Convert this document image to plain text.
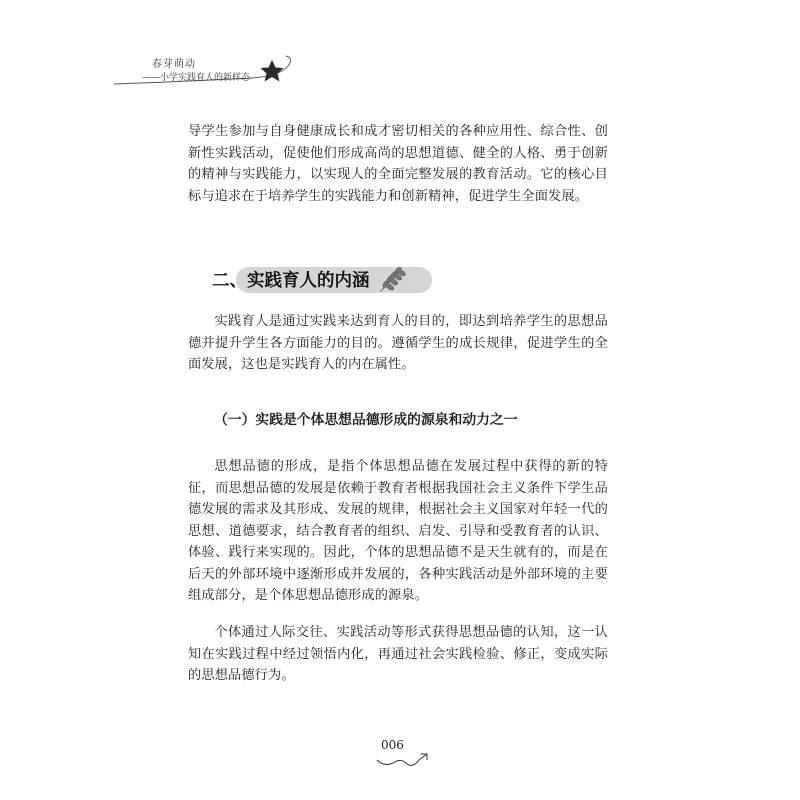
春芽萌动
——小学实践育人的新样态

导学生参加与自身健康成长和成才密切相关的各种应用性、综合性、创新性实践活动，促使他们形成高尚的思想道德、健全的人格、勇于创新的精神与实践能力，以实现人的全面完整发展的教育活动。它的核心目标与追求在于培养学生的实践能力和创新精神，促进学生全面发展。

二、实践育人的内涵

实践育人是通过实践来达到育人的目的，即达到培养学生的思想品德并提升学生各方面能力的目的。遵循学生的成长规律，促进学生的全面发展，这也是实践育人的内在属性。

（一）实践是个体思想品德形成的源泉和动力之一

思想品德的形成，是指个体思想品德在发展过程中获得的新的特征，而思想品德的发展是依赖于教育者根据我国社会主义条件下学生品德发展的需求及其形成、发展的规律，根据社会主义国家对年轻一代的思想、道德要求，结合教育者的组织、启发、引导和受教育者的认识、体验、践行来实现的。因此，个体的思想品德不是天生就有的，而是在后天的外部环境中逐渐形成并发展的，各种实践活动是外部环境的主要组成部分，是个体思想品德形成的源泉。

个体通过人际交往、实践活动等形式获得思想品德的认知，这一认知在实践过程中经过领悟内化，再通过社会实践检验、修正，变成实际的思想品德行为。

006
